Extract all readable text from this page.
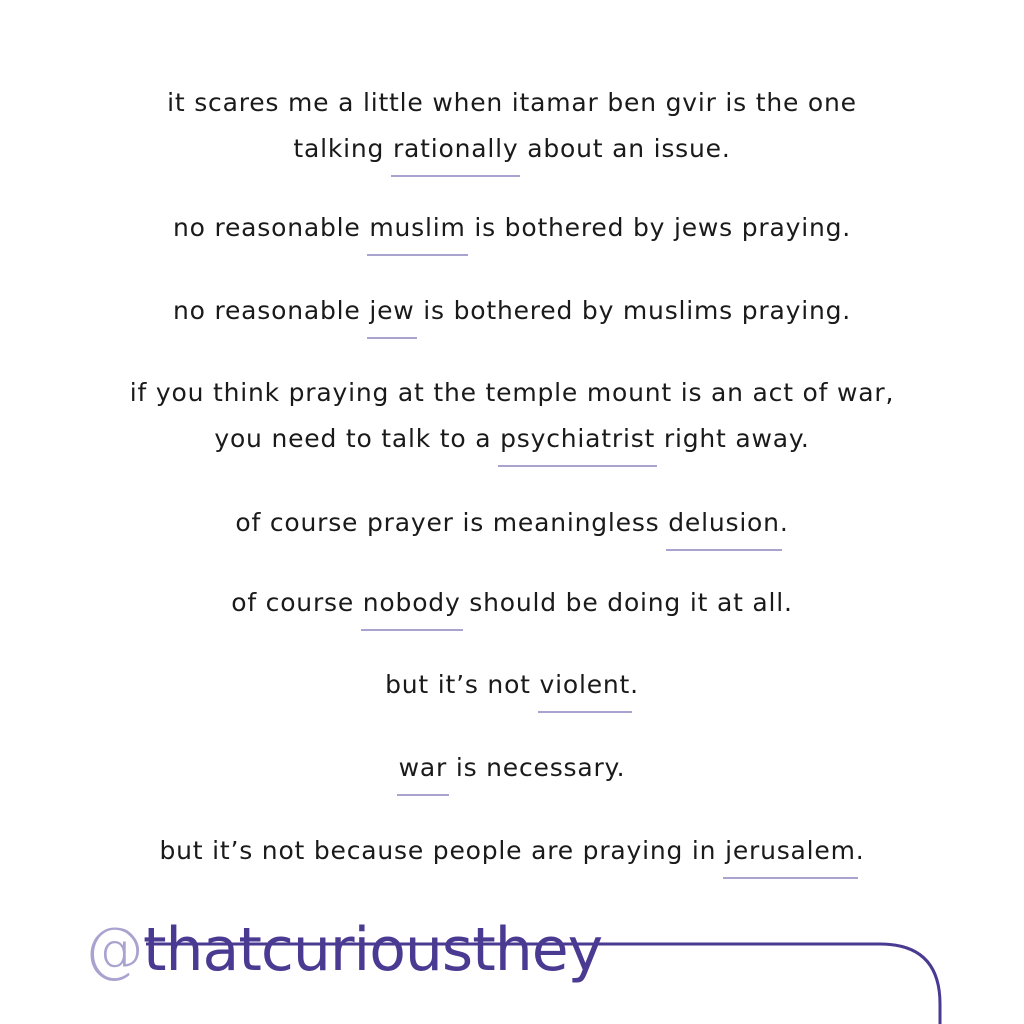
it scares me a little when itamar ben gvir is the one
talking rationally about an issue.
no reasonable muslim is bothered by jews praying.
no reasonable jew is bothered by muslims praying.
if you think praying at the temple mount is an act of war,
you need to talk to a psychiatrist right away.
of course prayer is meaningless delusion.
of course nobody should be doing it at all.
but it’s not violent.
war is necessary.
but it’s not because people are praying in jerusalem.
@thatcuriousthey
